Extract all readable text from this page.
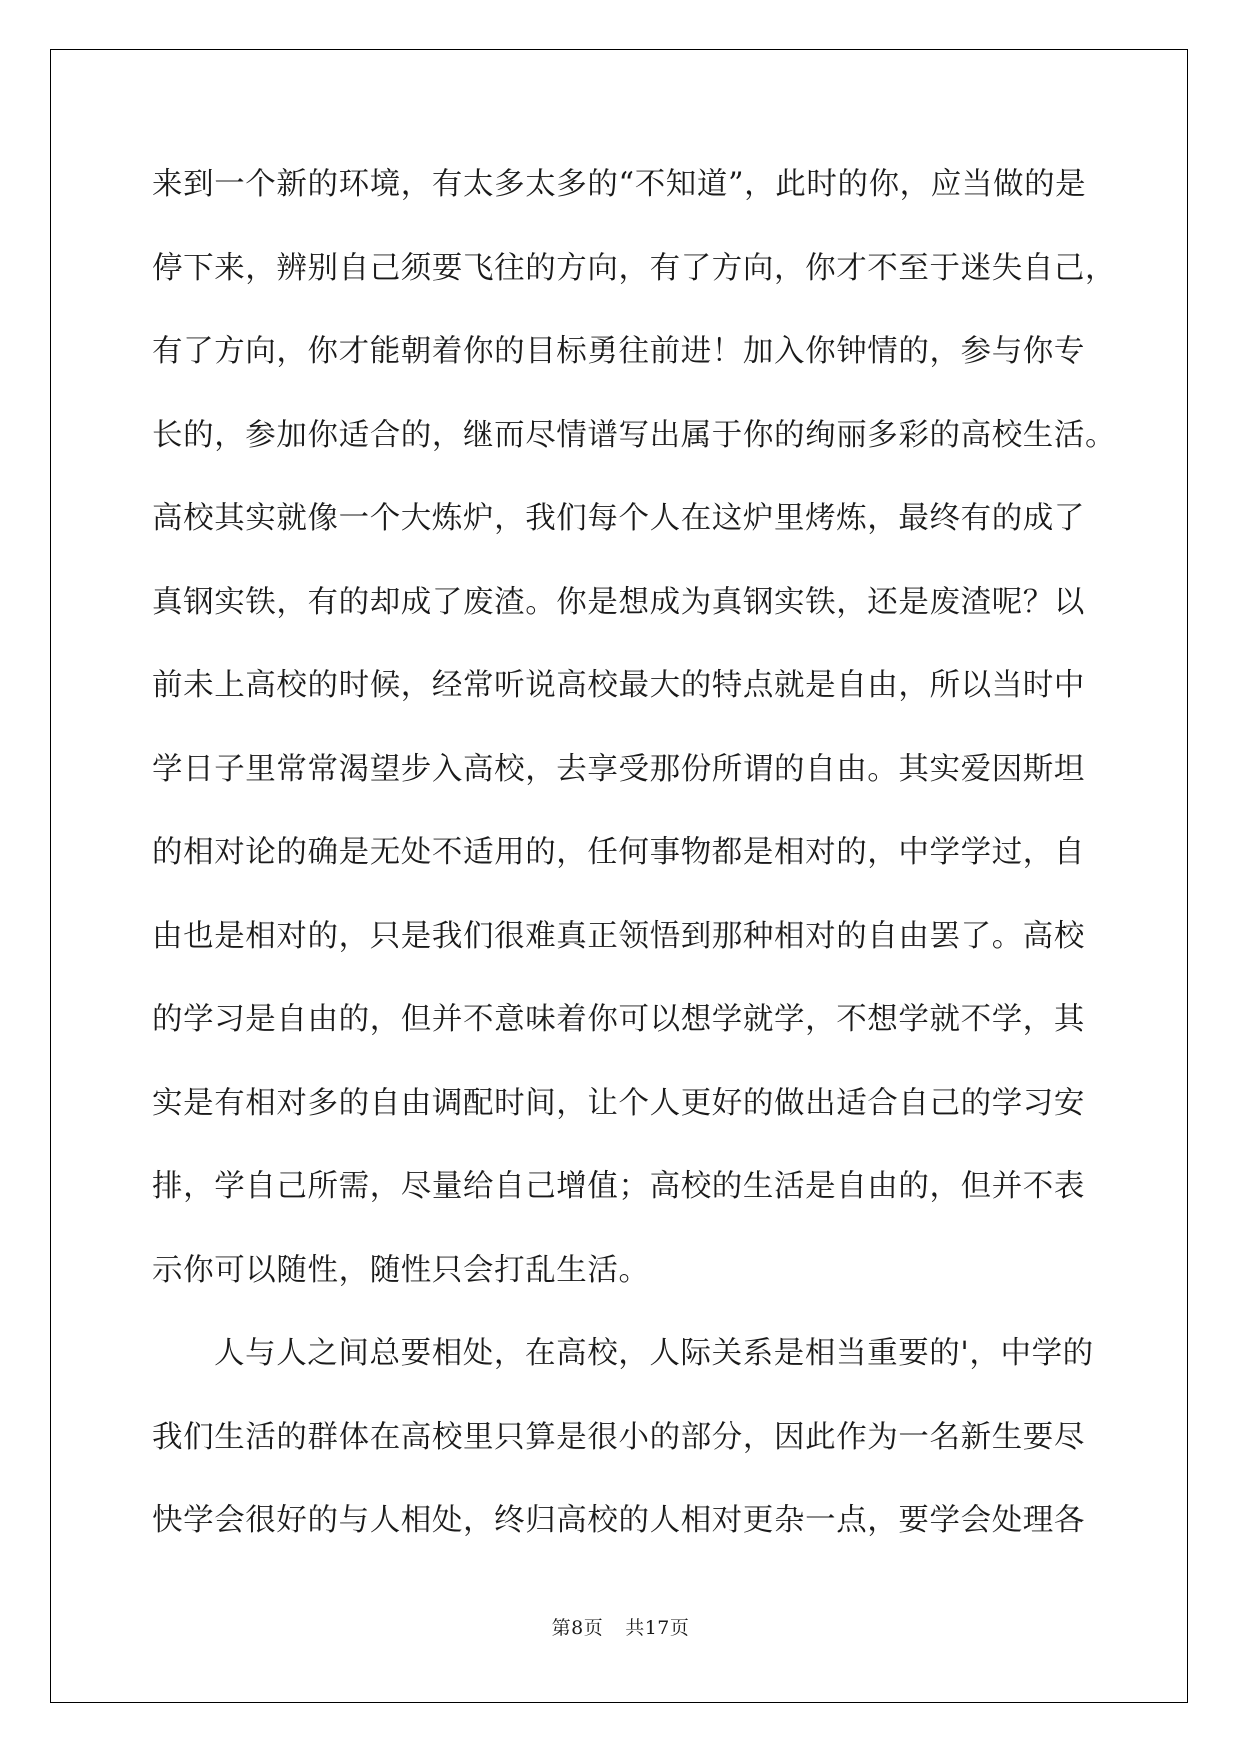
来到一个新的环境，有太多太多的“不知道”，此时的你，应当做的是
停下来，辨别自己须要飞往的方向，有了方向，你才不至于迷失自己，
有了方向，你才能朝着你的目标勇往前进！加入你钟情的，参与你专
长的，参加你适合的，继而尽情谱写出属于你的绚丽多彩的高校生活。
高校其实就像一个大炼炉，我们每个人在这炉里烤炼，最终有的成了
真钢实铁，有的却成了废渣。你是想成为真钢实铁，还是废渣呢？以
前未上高校的时候，经常听说高校最大的特点就是自由，所以当时中
学日子里常常渴望步入高校，去享受那份所谓的自由。其实爱因斯坦
的相对论的确是无处不适用的，任何事物都是相对的，中学学过，自
由也是相对的，只是我们很难真正领悟到那种相对的自由罢了。高校
的学习是自由的，但并不意味着你可以想学就学，不想学就不学，其
实是有相对多的自由调配时间，让个人更好的做出适合自己的学习安
排，学自己所需，尽量给自己增值；高校的生活是自由的，但并不表
示你可以随性，随性只会打乱生活。
人与人之间总要相处，在高校，人际关系是相当重要的'，中学的
我们生活的群体在高校里只算是很小的部分，因此作为一名新生要尽
快学会很好的与人相处，终归高校的人相对更杂一点，要学会处理各
第8页 共17页
